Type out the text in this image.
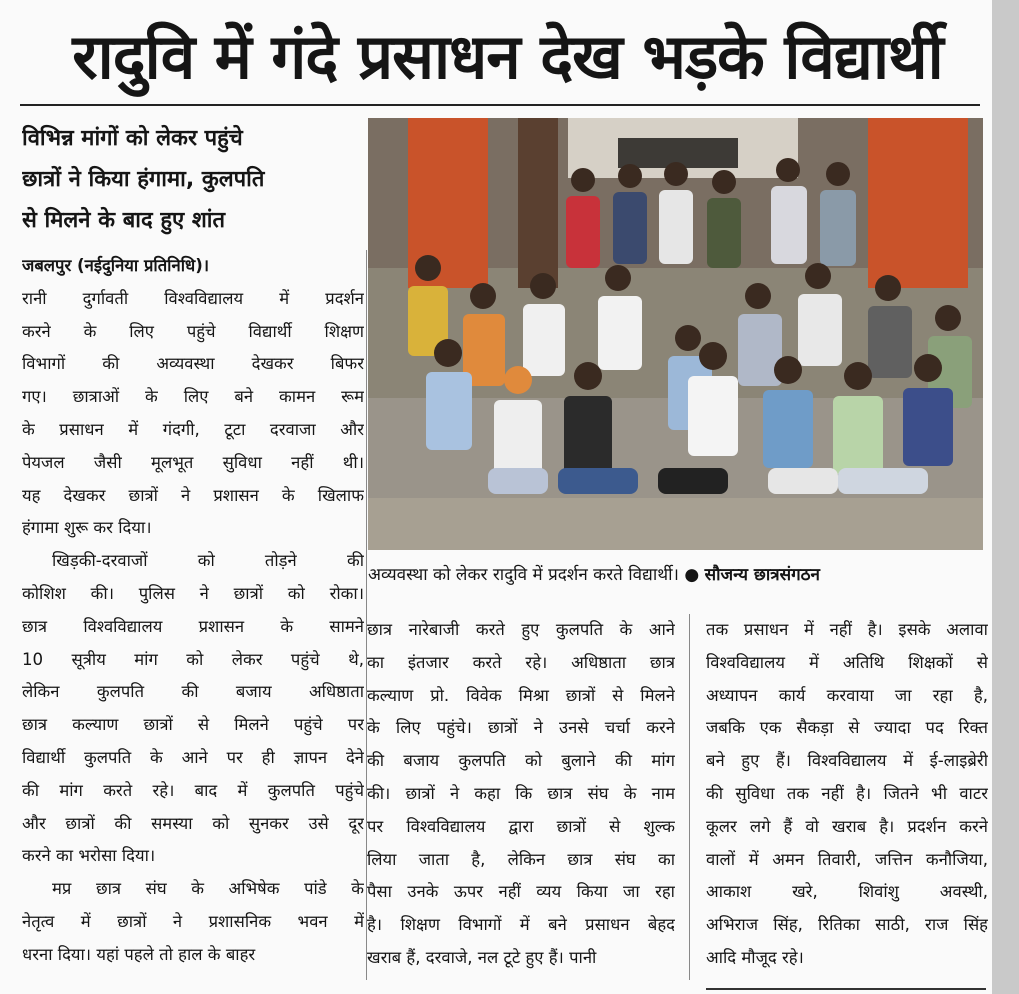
रादुवि में गंदे प्रसाधन देख भड़के विद्यार्थी
विभिन्न मांगों को लेकर पहुंचे
छात्रों ने किया हंगामा, कुलपति
से मिलने के बाद हुए शांत
जबलपुर (नईदुनिया प्रतिनिधि)।

रानी दुर्गावती विश्वविद्यालय में प्रदर्शन
करने के लिए पहुंचे विद्यार्थी शिक्षण
विभागों की अव्यवस्था देखकर बिफर
गए। छात्राओं के लिए बने कामन रूम
के प्रसाधन में गंदगी, टूटा दरवाजा और
पेयजल जैसी मूलभूत सुविधा नहीं थी।
यह देखकर छात्रों ने प्रशासन के खिलाफ
हंगामा शुरू कर दिया।

खिड़की-दरवाजों को तोड़ने की
कोशिश की। पुलिस ने छात्रों को रोका।
छात्र विश्वविद्यालय प्रशासन के सामने
10 सूत्रीय मांग को लेकर पहुंचे थे,
लेकिन कुलपति की बजाय अधिष्ठाता
छात्र कल्याण छात्रों से मिलने पहुंचे पर
विद्यार्थी कुलपति के आने पर ही ज्ञापन देने
की मांग करते रहे। बाद में कुलपति पहुंचे
और छात्रों की समस्या को सुनकर उसे दूर
करने का भरोसा दिया।

मप्र छात्र संघ के अभिषेक पांडे के
नेतृत्व में छात्रों ने प्रशासनिक भवन में
धरना दिया। यहां पहले तो हाल के बाहर

अव्यवस्था को लेकर रादुवि में प्रदर्शन करते विद्यार्थी। ● सौजन्य छात्रसंगठन
छात्र नारेबाजी करते हुए कुलपति के आने
का इंतजार करते रहे। अधिष्ठाता छात्र
कल्याण प्रो. विवेक मिश्रा छात्रों से मिलने
के लिए पहुंचे। छात्रों ने उनसे चर्चा करने
की बजाय कुलपति को बुलाने की मांग
की। छात्रों ने कहा कि छात्र संघ के नाम
पर विश्वविद्यालय द्वारा छात्रों से शुल्क
लिया जाता है, लेकिन छात्र संघ का
पैसा उनके ऊपर नहीं व्यय किया जा रहा
है। शिक्षण विभागों में बने प्रसाधन बेहद
खराब हैं, दरवाजे, नल टूटे हुए हैं। पानी
तक प्रसाधन में नहीं है। इसके अलावा
विश्वविद्यालय में अतिथि शिक्षकों से
अध्यापन कार्य करवाया जा रहा है,
जबकि एक सैकड़ा से ज्यादा पद रिक्त
बने हुए हैं। विश्वविद्यालय में ई-लाइब्रेरी
की सुविधा तक नहीं है। जितने भी वाटर
कूलर लगे हैं वो खराब है। प्रदर्शन करने
वालों में अमन तिवारी, जत्तिन कनौजिया,
आकाश खरे, शिवांशु अवस्थी,
अभिराज सिंह, रितिका साठी, राज सिंह
आदि मौजूद रहे।
